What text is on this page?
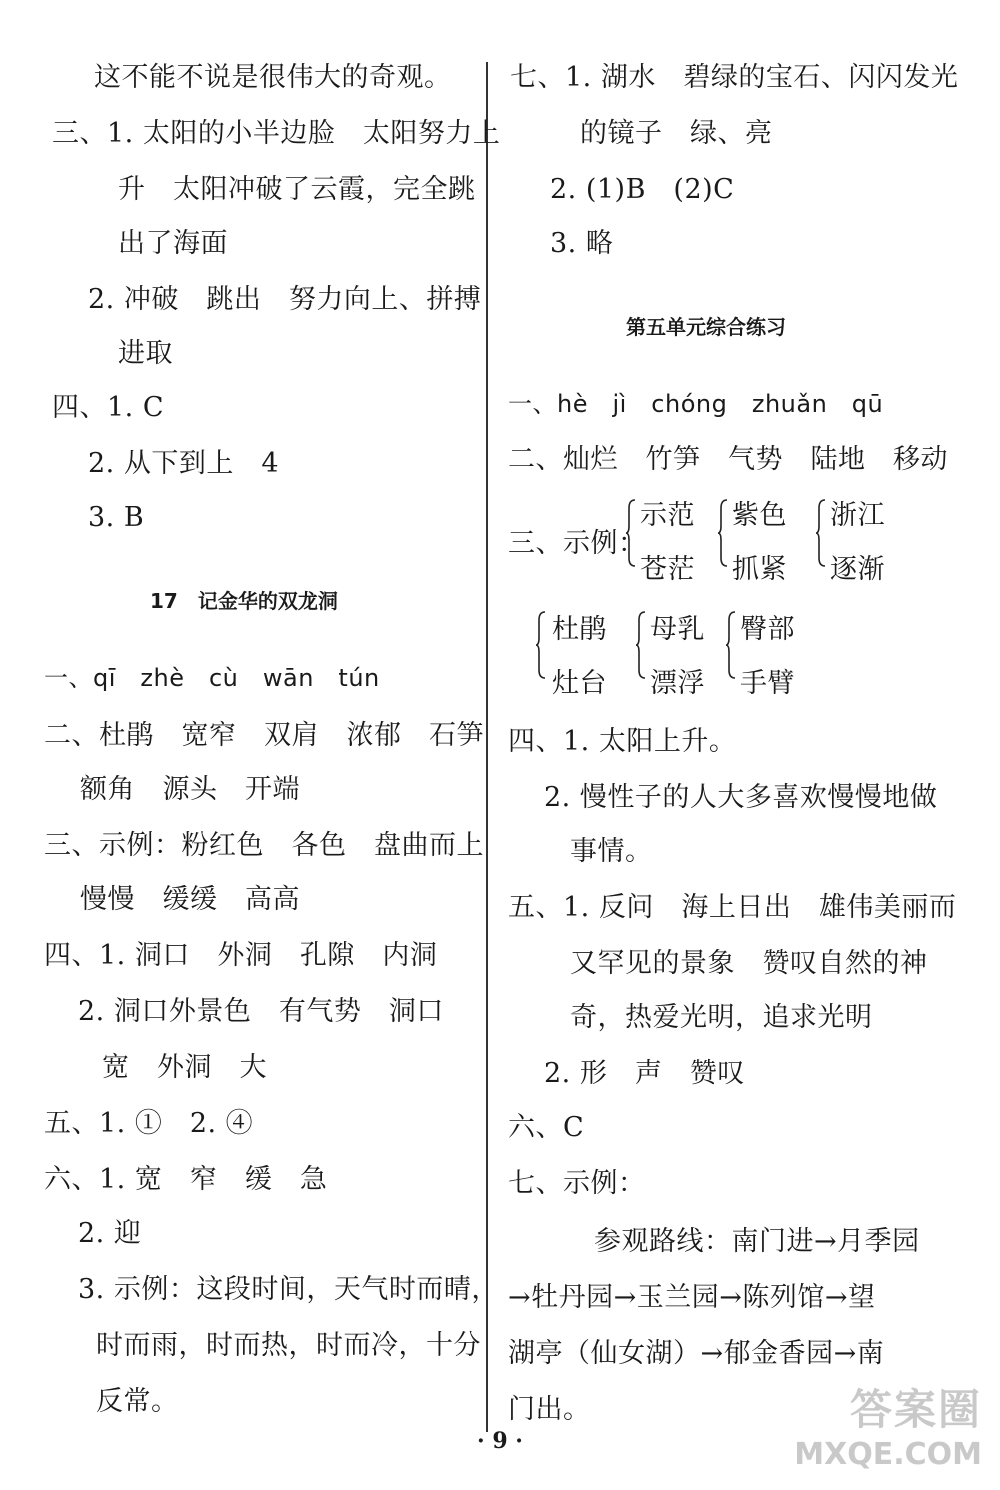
这不能不说是很伟大的奇观。
三、1. 太阳的小半边脸　太阳努力上
升　太阳冲破了云霞，完全跳
出了海面
2. 冲破　跳出　努力向上、拼搏
进取
四、1. C
2. 从下到上　4
3. B
17　记金华的双龙洞
一、qī　zhè　cù　wān　tún
二、杜鹃　宽窄　双肩　浓郁　石笋
额角　源头　开端
三、示例：粉红色　各色　盘曲而上
慢慢　缓缓　高高
四、1. 洞口　外洞　孔隙　内洞
2. 洞口外景色　有气势　洞口
宽　外洞　大
五、1. ①　2. ④
六、1. 宽　窄　缓　急
2. 迎
3. 示例：这段时间，天气时而晴，
时而雨，时而热，时而冷，十分
反常。
七、1. 湖水　碧绿的宝石、闪闪发光
的镜子　绿、亮
2. (1)B　(2)C
3. 略
第五单元综合练习
一、hè　jì　chóng　zhuǎn　qū
二、灿烂　竹笋　气势　陆地　移动
三、示例：
示范
苍茫
紫色
抓紧
浙江
逐渐
杜鹃
灶台
母乳
漂浮
臀部
手臂
四、1. 太阳上升。
2. 慢性子的人大多喜欢慢慢地做
事情。
五、1. 反问　海上日出　雄伟美丽而
又罕见的景象　赞叹自然的神
奇，热爱光明，追求光明
2. 形　声　赞叹
六、C
七、示例：
参观路线：南门进→月季园
→牡丹园→玉兰园→陈列馆→望
湖亭（仙女湖）→郁金香园→南
门出。
· 9 ·
答案圈
MXQE.COM
